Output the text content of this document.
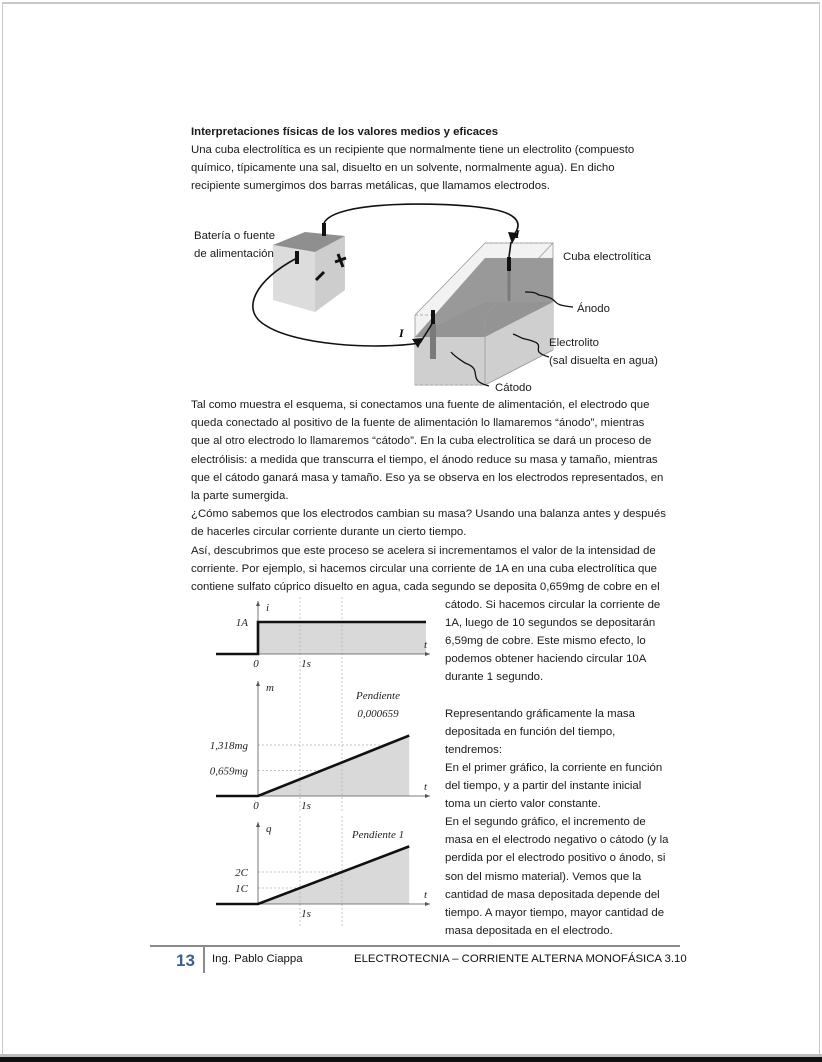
Interpretaciones físicas de los valores medios y eficaces

Una cuba electrolítica es un recipiente que normalmente tiene un electrolito (compuesto

químico, típicamente una sal, disuelto en un solvente, normalmente agua). En dicho

recipiente sumergimos dos barras metálicas, que llamamos electrodos.

I
I
Batería o fuente
de alimentación	Cuba electrolítica
Ánodo
Electrolito
(sal disuelta en agua)
Cátodo

Tal como muestra el esquema, si conectamos una fuente de alimentación, el electrodo que

queda conectado al positivo de la fuente de alimentación lo llamaremos “ánodo”, mientras

que al otro electrodo lo llamaremos “cátodo”. En la cuba electrolítica se dará un proceso de

electrólisis: a medida que transcurra el tiempo, el ánodo reduce su masa y tamaño, mientras

que el cátodo ganará masa y tamaño. Eso ya se observa en los electrodos representados, en

la parte sumergida.

¿Cómo sabemos que los electrodos cambian su masa? Usando una balanza antes y después

de hacerles circular corriente durante un cierto tiempo.

Así, descubrimos que este proceso se acelera si incrementamos el valor de la intensidad de

corriente. Por ejemplo, si hacemos circular una corriente de 1A en una cuba electrolítica que

contiene sulfato cúprico disuelto en agua, cada segundo se deposita 0,659mg de cobre en el

cátodo. Si hacemos circular la corriente de

1A, luego de 10 segundos se depositarán

6,59mg de cobre. Este mismo efecto, lo

podemos obtener haciendo circular 10A

durante 1 segundo.

Representando gráficamente la masa

depositada en función del tiempo,

tendremos:

En el primer gráfico, la corriente en función

del tiempo, y a partir del instante inicial

toma un cierto valor constante.

En el segundo gráfico, el incremento de

masa en el electrodo negativo o cátodo (y la

perdida por el electrodo positivo o ánodo, si

son del mismo material). Vemos que la

cantidad de masa depositada depende del

tiempo. A mayor tiempo, mayor cantidad de

masa depositada en el electrodo.

i
t
0	1s
1A
m
t
0	1s
0,659mg
1,318mg
Pendiente
0,000659
q
t
1s
1C
2C
Pendiente 1
13 Ing. Pablo Ciappa	ELECTROTECNIA – CORRIENTE ALTERNA MONOFÁSICA 3.10
